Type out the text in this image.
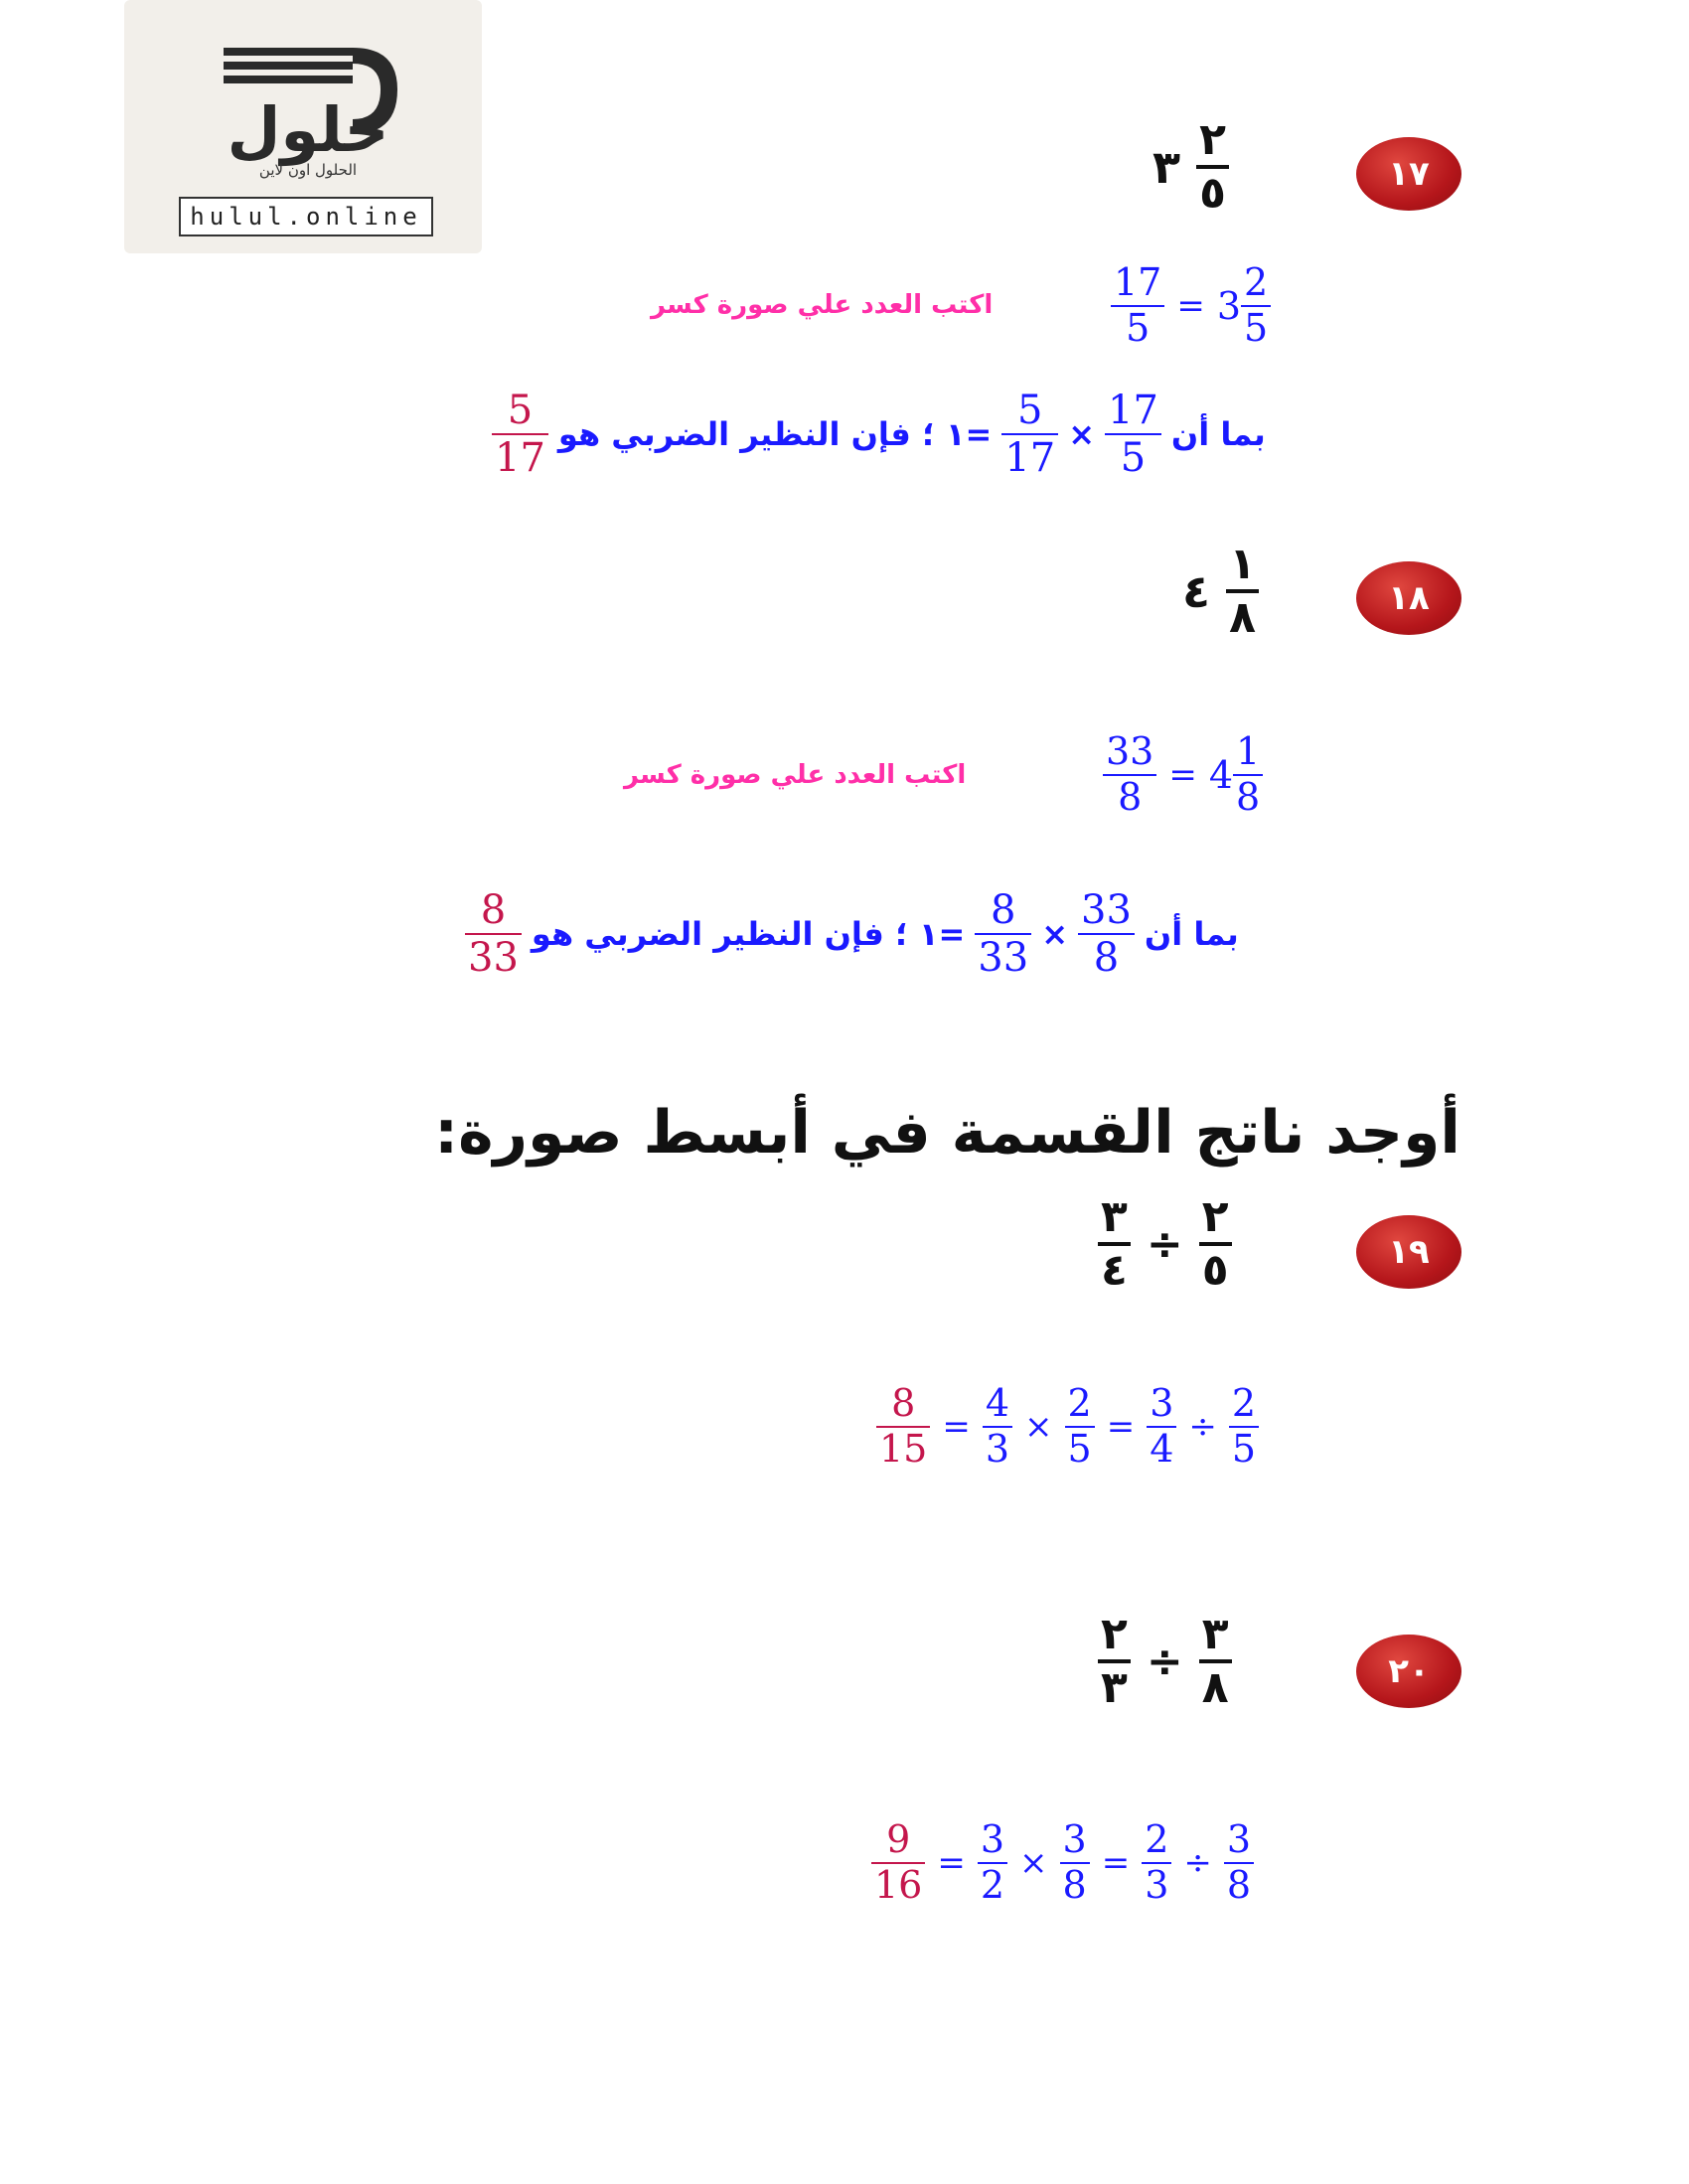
حلول
الحلول اون لاين
hulul.online
١٧
٣ $\frac{٢}{٥}$
اكتب العدد علي صورة كسر	$\frac{17}{5} = 3 \frac{2}{5}$
$\frac{5}{17}$ =١ ؛ فإن النظير الضربي هو $\frac{5}{17} \times \frac{17}{5}$ بما أن
١٨
٤ $\frac{١}{٨}$
اكتب العدد علي صورة كسر	$\frac{33}{8} = 4 \frac{1}{8}$
$\frac{8}{33}$ =١ ؛ فإن النظير الضربي هو $\frac{8}{33} \times \frac{33}{8}$ بما أن
أوجد ناتج القسمة في أبسط صورة:
١٩
$\frac{٣}{٤} \div \frac{٢}{٥}$
$\frac{8}{15} = \frac{4}{3} \times \frac{2}{5} = \frac{3}{4} \div \frac{2}{5}$
٢٠
$\frac{٢}{٣} \div \frac{٣}{٨}$
$\frac{9}{16} = \frac{3}{2} \times \frac{3}{8} = \frac{2}{3} \div \frac{3}{8}$
